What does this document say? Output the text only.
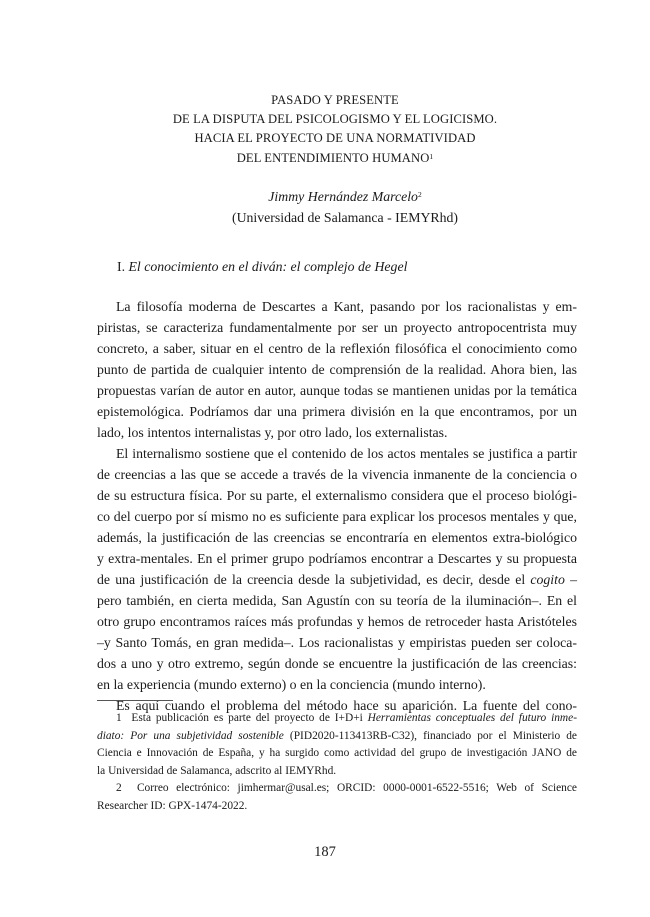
PASADO Y PRESENTE
DE LA DISPUTA DEL PSICOLOGISMO Y EL LOGICISMO.
HACIA EL PROYECTO DE UNA NORMATIVIDAD
DEL ENTENDIMIENTO HUMANO$^1$
Jimmy Hernández Marcelo$^2$
(Universidad de Salamanca - IEMYRhd)
I. El conocimiento en el diván: el complejo de Hegel
La filosofía moderna de Descartes a Kant, pasando por los racionalistas y em-
piristas, se caracteriza fundamentalmente por ser un proyecto antropocentrista muy
concreto, a saber, situar en el centro de la reflexión filosófica el conocimiento como
punto de partida de cualquier intento de comprensión de la realidad. Ahora bien, las
propuestas varían de autor en autor, aunque todas se mantienen unidas por la temática
epistemológica. Podríamos dar una primera división en la que encontramos, por un
lado, los intentos internalistas y, por otro lado, los externalistas.
El internalismo sostiene que el contenido de los actos mentales se justifica a partir
de creencias a las que se accede a través de la vivencia inmanente de la conciencia o
de su estructura física. Por su parte, el externalismo considera que el proceso biológi-
co del cuerpo por sí mismo no es suficiente para explicar los procesos mentales y que,
además, la justificación de las creencias se encontraría en elementos extra-biológico
y extra-mentales. En el primer grupo podríamos encontrar a Descartes y su propuesta
de una justificación de la creencia desde la subjetividad, es decir, desde el cogito –
pero también, en cierta medida, San Agustín con su teoría de la iluminación–. En el
otro grupo encontramos raíces más profundas y hemos de retroceder hasta Aristóteles
–y Santo Tomás, en gran medida–. Los racionalistas y empiristas pueden ser coloca-
dos a uno y otro extremo, según donde se encuentre la justificación de las creencias:
en la experiencia (mundo externo) o en la conciencia (mundo interno).
Es aquí cuando el problema del método hace su aparición. La fuente del cono-
1 Esta publicación es parte del proyecto de I+D+i Herramientas conceptuales del futuro inme-
diato: Por una subjetividad sostenible (PID2020-113413RB-C32), financiado por el Ministerio de
Ciencia e Innovación de España, y ha surgido como actividad del grupo de investigación JANO de
la Universidad de Salamanca, adscrito al IEMYRhd.
2 Correo electrónico: jimhermar@usal.es; ORCID: 0000-0001-6522-5516; Web of Science
Researcher ID: GPX-1474-2022.
187
